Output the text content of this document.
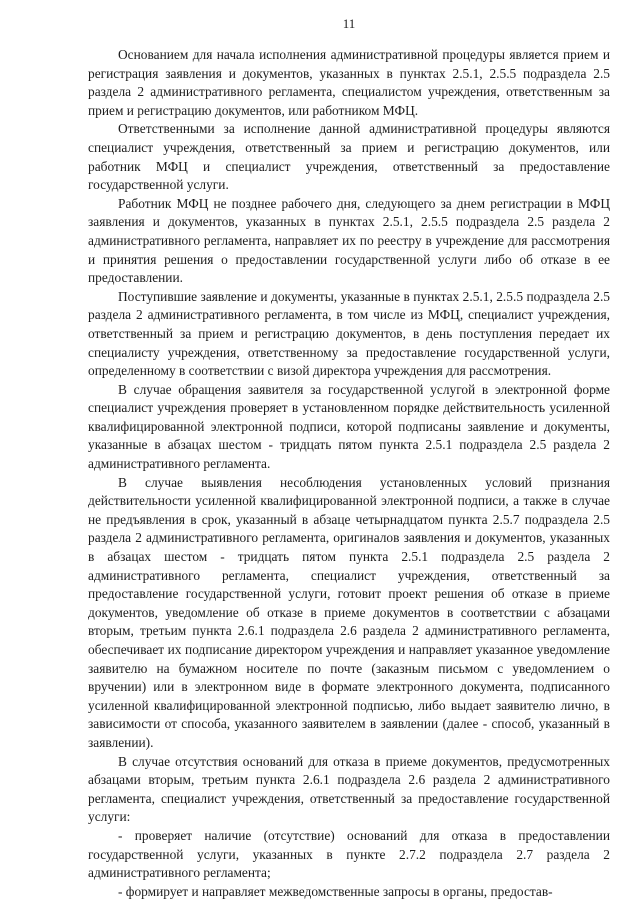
11

Основанием для начала исполнения административной процедуры является прием и регистрация заявления и документов, указанных в пунктах 2.5.1, 2.5.5 подраздела 2.5 раздела 2 административного регламента, специалистом учреждения, ответственным за прием и регистрацию документов, или работником МФЦ.

Ответственными за исполнение данной административной процедуры являются специалист учреждения, ответственный за прием и регистрацию документов, или работник МФЦ и специалист учреждения, ответственный за предоставление государственной услуги.

Работник МФЦ не позднее рабочего дня, следующего за днем регистрации в МФЦ заявления и документов, указанных в пунктах 2.5.1, 2.5.5 подраздела 2.5 раздела 2 административного регламента, направляет их по реестру в учреждение для рассмотрения и принятия решения о предоставлении государственной услуги либо об отказе в ее предоставлении.

Поступившие заявление и документы, указанные в пунктах 2.5.1, 2.5.5 подраздела 2.5 раздела 2 административного регламента, в том числе из МФЦ, специалист учреждения, ответственный за прием и регистрацию документов, в день поступления передает их специалисту учреждения, ответственному за предоставление государственной услуги, определенному в соответствии с визой директора учреждения для рассмотрения.

В случае обращения заявителя за государственной услугой в электронной форме специалист учреждения проверяет в установленном порядке действительность усиленной квалифицированной электронной подписи, которой подписаны заявление и документы, указанные в абзацах шестом - тридцать пятом пункта 2.5.1 подраздела 2.5 раздела 2 административного регламента.

В случае выявления несоблюдения установленных условий признания действительности усиленной квалифицированной электронной подписи, а также в случае не предъявления в срок, указанный в абзаце четырнадцатом пункта 2.5.7 подраздела 2.5 раздела 2 административного регламента, оригиналов заявления и документов, указанных в абзацах шестом - тридцать пятом пункта 2.5.1 подраздела 2.5 раздела 2 административного регламента, специалист учреждения, ответственный за предоставление государственной услуги, готовит проект решения об отказе в приеме документов, уведомление об отказе в приеме документов в соответствии с абзацами вторым, третьим пункта 2.6.1 подраздела 2.6 раздела 2 административного регламента, обеспечивает их подписание директором учреждения и направляет указанное уведомление заявителю на бумажном носителе по почте (заказным письмом с уведомлением о вручении) или в электронном виде в формате электронного документа, подписанного усиленной квалифицированной электронной подписью, либо выдает заявителю лично, в зависимости от способа, указанного заявителем в заявлении (далее - способ, указанный в заявлении).

В случае отсутствия оснований для отказа в приеме документов, предусмотренных абзацами вторым, третьим пункта 2.6.1 подраздела 2.6 раздела 2 административного регламента, специалист учреждения, ответственный за предоставление государственной услуги:

- проверяет наличие (отсутствие) оснований для отказа в предоставлении государственной услуги, указанных в пункте 2.7.2 подраздела 2.7 раздела 2 административного регламента;

- формирует и направляет межведомственные запросы в органы, предостав-
